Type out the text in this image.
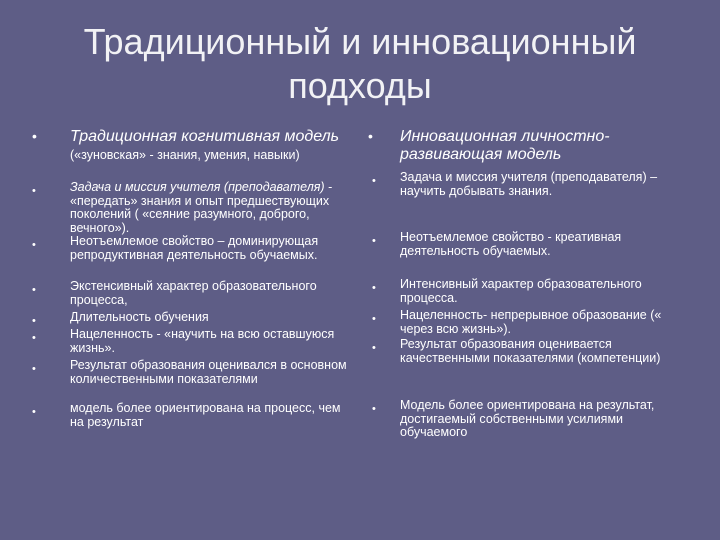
Традиционный и инновационный
подходы
• Традиционная когнитивная модель («зуновская» - знания, умения, навыки)
•	Задача и миссия учителя (преподавателя) - «передать» знания и опыт предшествующих поколений ( «сеяние разумного, доброго, вечного»).

•	Неотъемлемое свойство – доминирующая репродуктивная деятельность обучаемых.

•	Экстенсивный характер образовательного процесса,

•	Длительность обучения

•	Нацеленность - «научить на всю оставшуюся жизнь».

•	Результат образования оценивался в основном количественными показателями

•	модель более ориентирована на процесс, чем на результат

• Инновационная личностно-развивающая модель
• Задача и миссия учителя (преподавателя) – научить добывать знания.

• Неотъемлемое свойство - креативная деятельность обучаемых.

• Интенсивный характер образовательного процесса.

• Нацеленность- непрерывное образование (« через всю жизнь»).

• Результат образования оценивается качественными показателями (компетенции)

• Модель более ориентирована на результат, достигаемый собственными усилиями обучаемого
